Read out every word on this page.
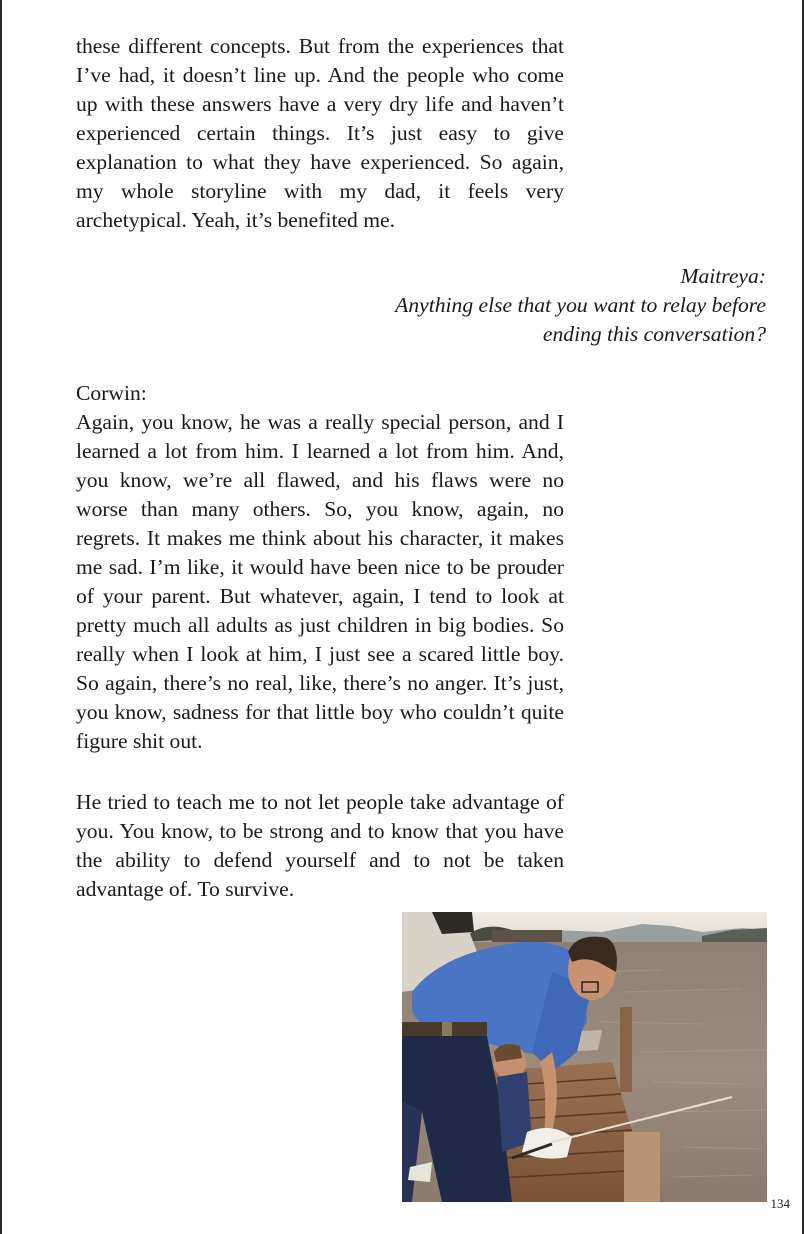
these different concepts. But from the experiences that I’ve had, it doesn’t line up. And the people who come up with these answers have a very dry life and haven’t experienced certain things. It’s just easy to give explanation to what they have experienced. So again, my whole storyline with my dad, it feels very archetypical. Yeah, it’s benefited me.

Maitreya:
Anything else that you want to relay before
ending this conversation?

Corwin:

Again, you know, he was a really special person, and I learned a lot from him. I learned a lot from him. And, you know, we’re all flawed, and his flaws were no worse than many others. So, you know, again, no regrets. It makes me think about his character, it makes me sad. I’m like, it would have been nice to be prouder of your parent. But whatever, again, I tend to look at pretty much all adults as just children in big bodies. So really when I look at him, I just see a scared little boy. So again, there’s no real, like, there’s no anger. It’s just, you know, sadness for that little boy who couldn’t quite figure shit out.

He tried to teach me to not let people take advantage of you. You know, to be strong and to know that you have the ability to defend yourself and to not be taken advantage of. To survive.

134
